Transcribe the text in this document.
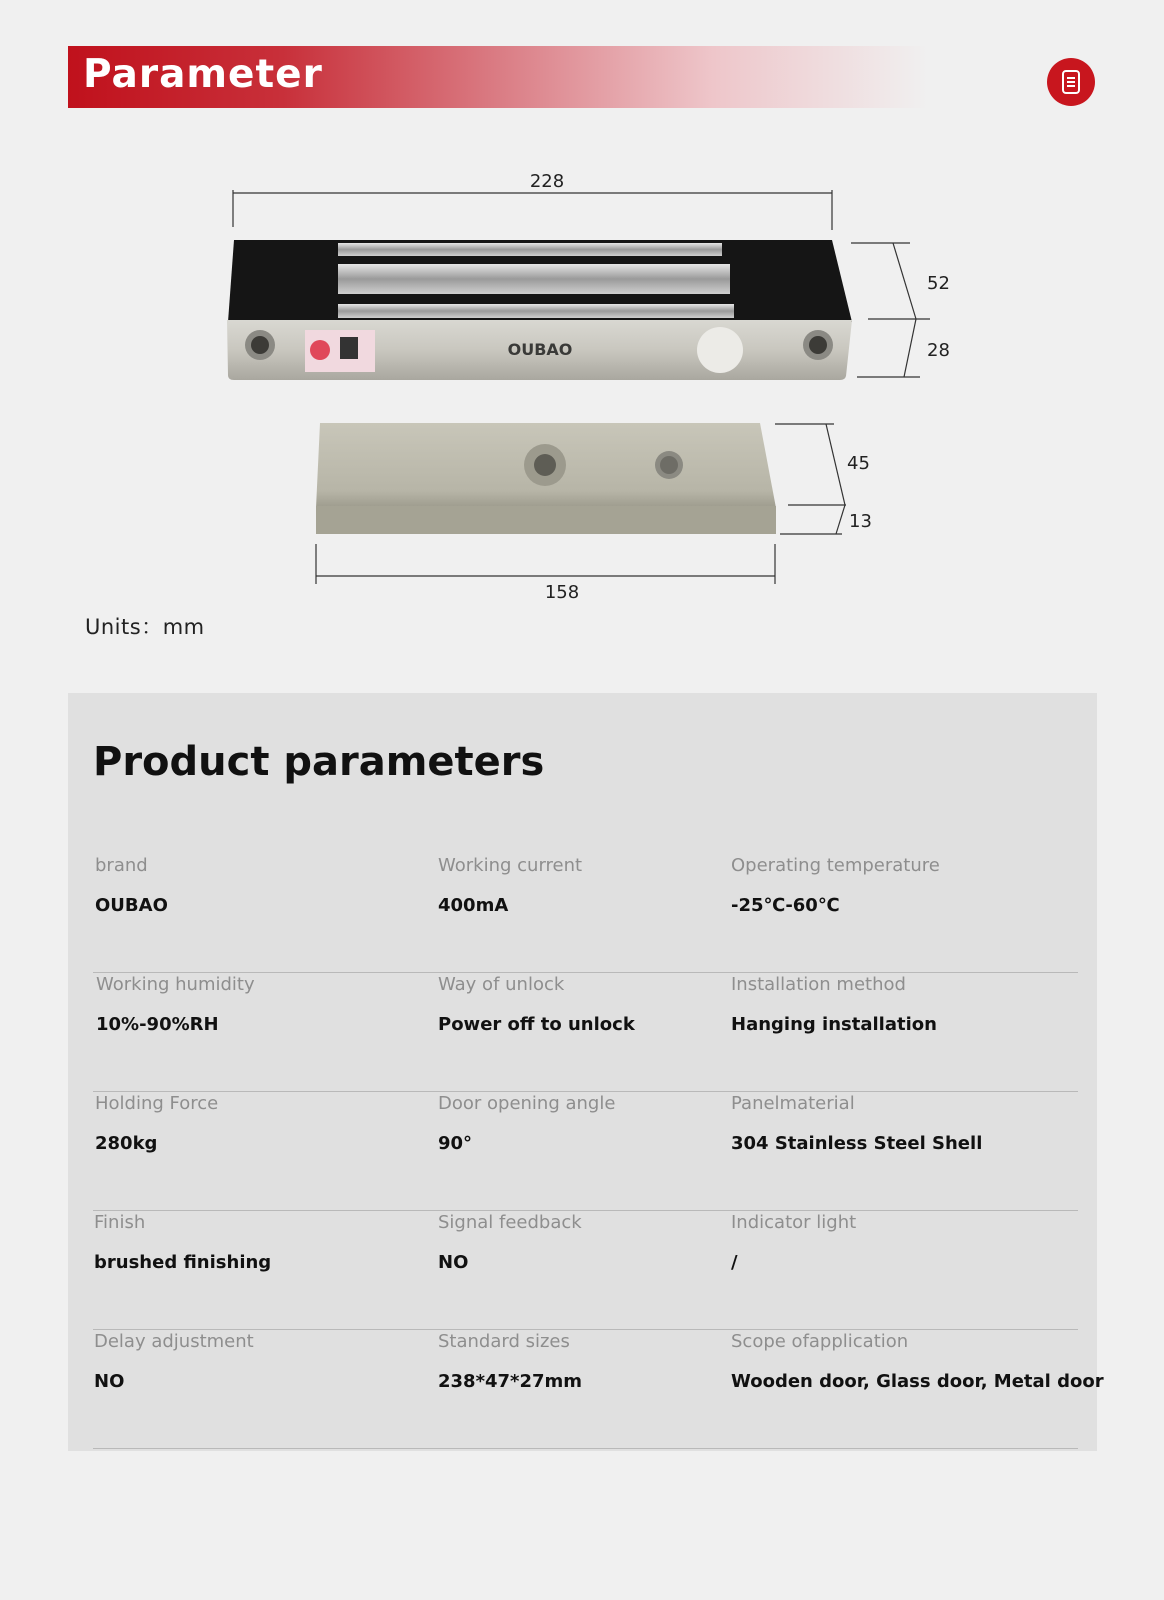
Parameter
228
OUBAO
52
28
45
13
158
Units：mm
Product parameters
brand
OUBAO
Working current
400mA
Operating temperature
-25℃-60℃
Working humidity
10%-90%RH
Way of unlock
Power off to unlock
Installation method
Hanging installation
Holding Force
280kg
Door opening angle
90°
Panelmaterial
304 Stainless Steel Shell
Finish
brushed finishing
Signal feedback
NO
Indicator light
/
Delay adjustment
NO
Standard sizes
238*47*27mm
Scope ofapplication
Wooden door, Glass door, Metal door
